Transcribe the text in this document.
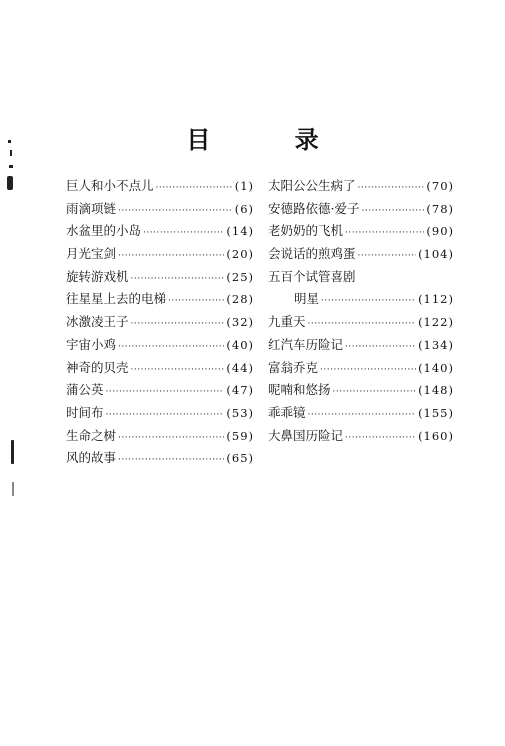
目 录
巨人和小不点儿 ·····	(1)
雨滴项链 ·····	(6)
水盆里的小岛 ·····	(14)
月光宝剑 ·····	(20)
旋转游戏机 ·····	(25)
往星星上去的电梯 ·····	(28)
冰激凌王子 ·····	(32)
宇宙小鸡 ·····	(40)
神奇的贝壳 ·····	(44)
蒲公英 ·····	(47)
时间布 ·····	(53)
生命之树 ·····	(59)
风的故事 ·····	(65)
太阳公公生病了 ·····	(70)
安德路依德·爱子 ·····	(78)
老奶奶的飞机 ·····	(90)
会说话的煎鸡蛋 ·····	(104)
五百个试管喜剧
明星 ·····	(112)
九重天 ·····	(122)
红汽车历险记 ·····	(134)
富翁乔克 ·····	(140)
呢喃和悠扬 ·····	(148)
乖乖镜 ·····	(155)
大鼻国历险记 ·····	(160)
